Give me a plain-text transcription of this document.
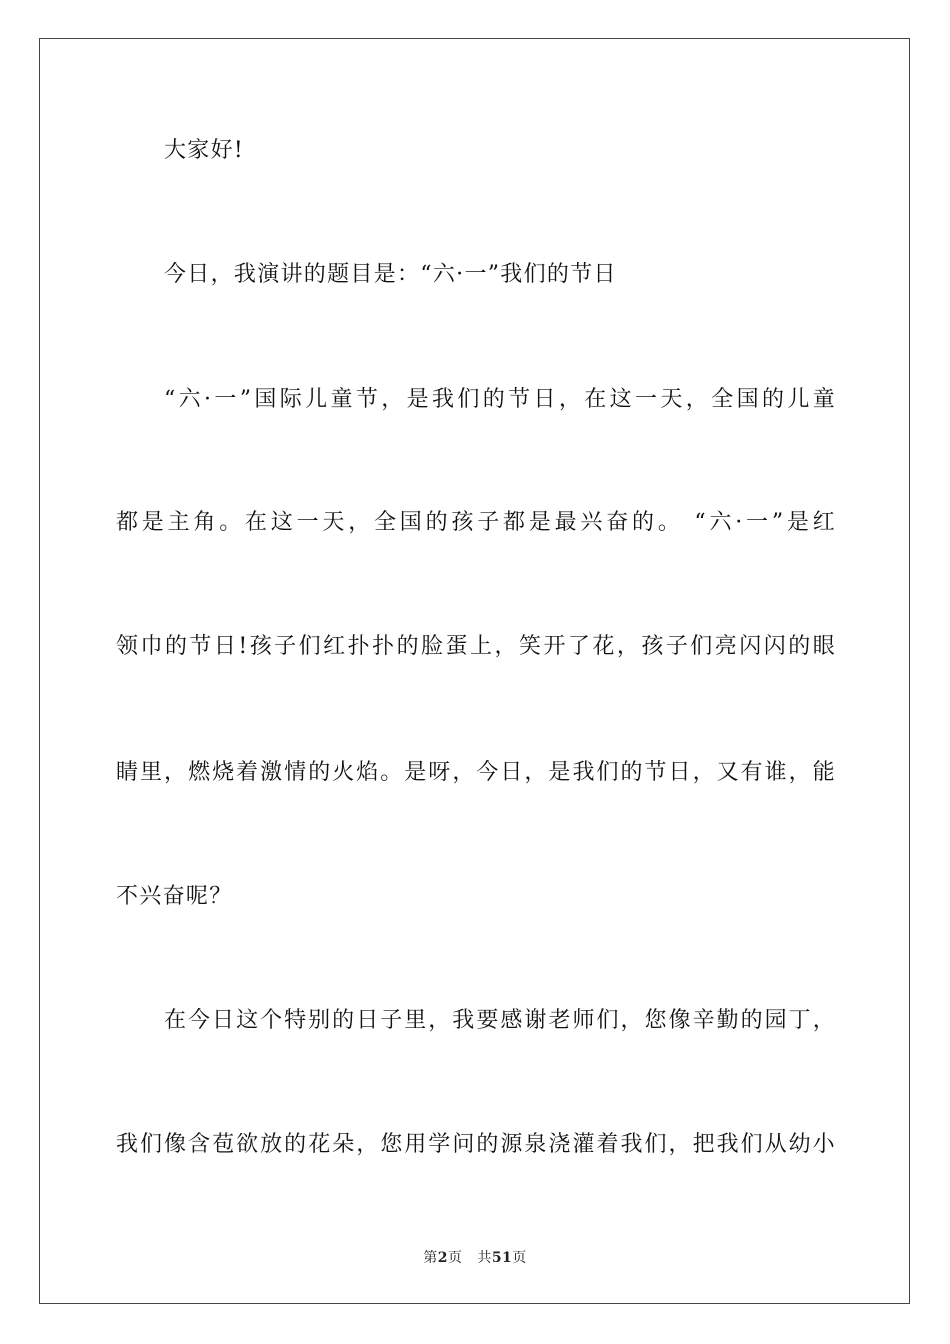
大家好!
今日，我演讲的题目是：“六·一”我们的节日
“六·一”国际儿童节，是我们的节日，在这一天，全国的儿童
都是主角。在这一天，全国的孩子都是最兴奋的。 “六·一”是红
领巾的节日!孩子们红扑扑的脸蛋上，笑开了花，孩子们亮闪闪的眼
睛里，燃烧着激情的火焰。是呀，今日，是我们的节日，又有谁，能
不兴奋呢？
在今日这个特别的日子里，我要感谢老师们，您像辛勤的园丁，
我们像含苞欲放的花朵，您用学问的源泉浇灌着我们，把我们从幼小
第2页 共51页
